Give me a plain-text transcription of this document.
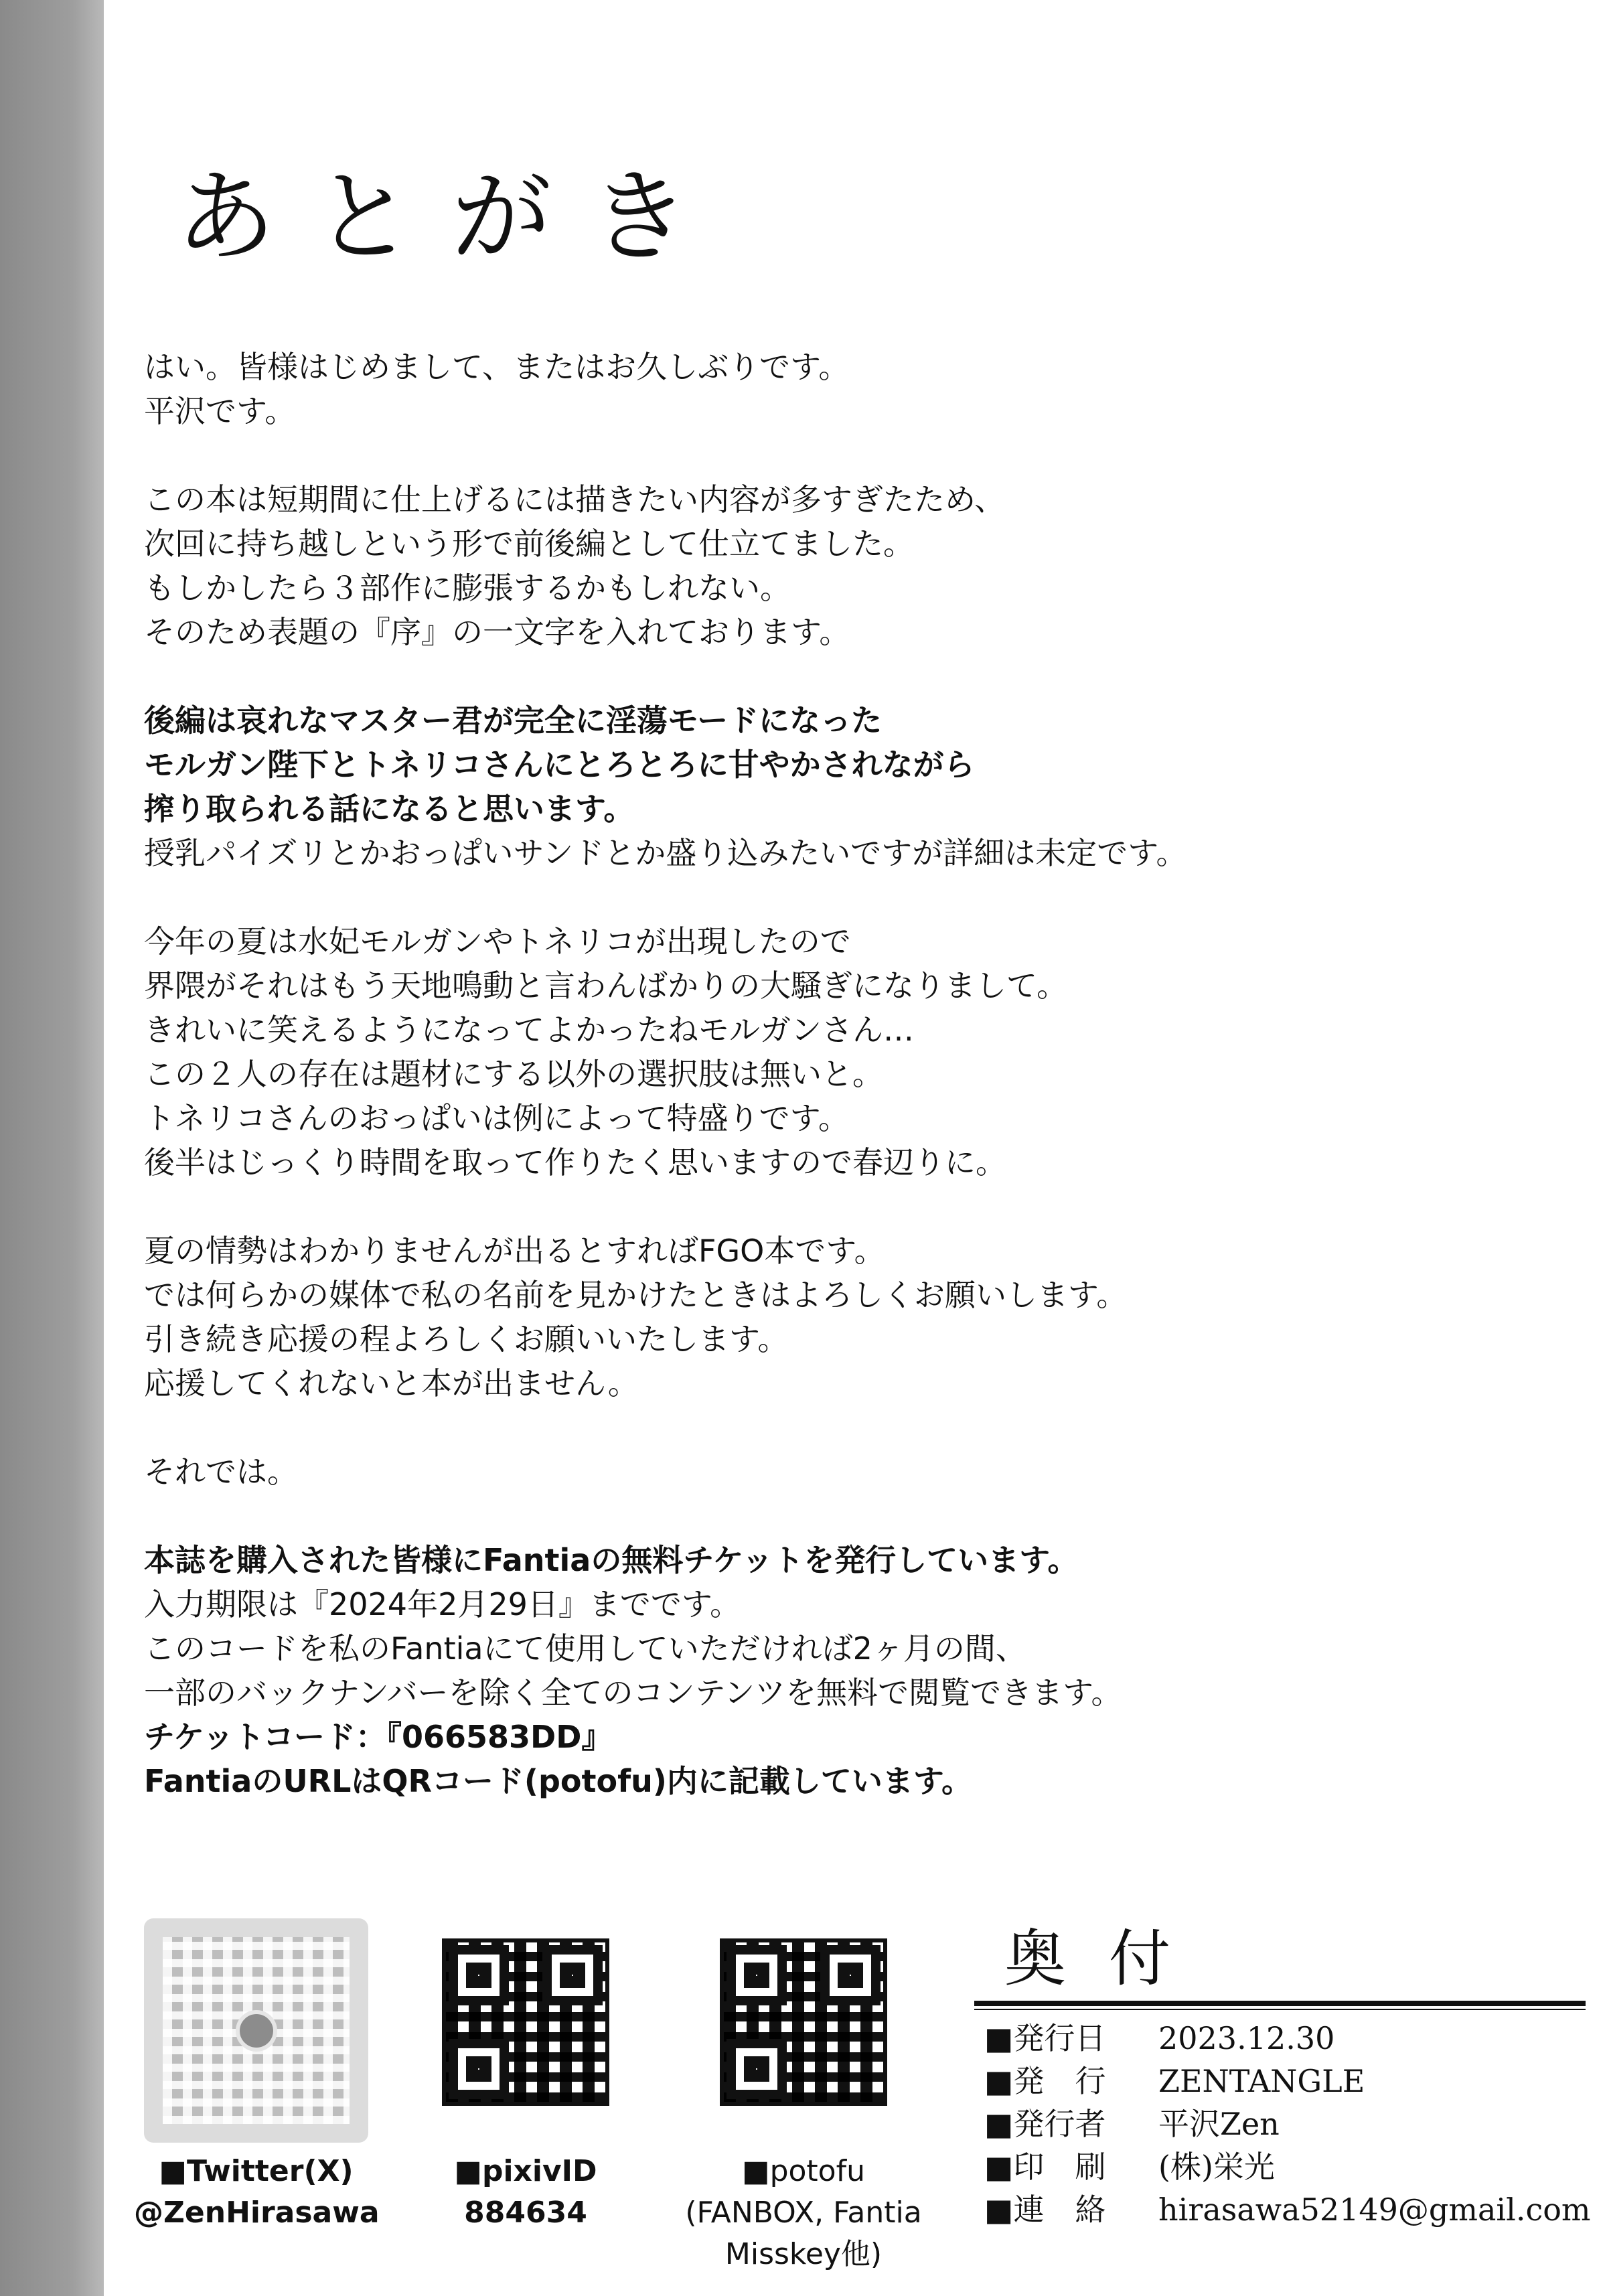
あとがき
はい。皆様はじめまして、またはお久しぶりです。
平沢です。
この本は短期間に仕上げるには描きたい内容が多すぎたため、
次回に持ち越しという形で前後編として仕立てました。
もしかしたら３部作に膨張するかもしれない。
そのため表題の『序』の一文字を入れております。
後編は哀れなマスター君が完全に淫蕩モードになった
モルガン陛下とトネリコさんにとろとろに甘やかされながら
搾り取られる話になると思います。
授乳パイズリとかおっぱいサンドとか盛り込みたいですが詳細は未定です。
今年の夏は水妃モルガンやトネリコが出現したので
界隈がそれはもう天地鳴動と言わんばかりの大騒ぎになりまして。
きれいに笑えるようになってよかったねモルガンさん…
この２人の存在は題材にする以外の選択肢は無いと。
トネリコさんのおっぱいは例によって特盛りです。
後半はじっくり時間を取って作りたく思いますので春辺りに。
夏の情勢はわかりませんが出るとすればFGO本です。
では何らかの媒体で私の名前を見かけたときはよろしくお願いします。
引き続き応援の程よろしくお願いいたします。
応援してくれないと本が出ません。
それでは。
本誌を購入された皆様にFantiaの無料チケットを発行しています。
入力期限は『2024年2月29日』までです。
このコードを私のFantiaにて使用していただければ2ヶ月の間、
一部のバックナンバーを除く全てのコンテンツを無料で閲覧できます。
チケットコード：『066583DD』
FantiaのURLはQRコード(potofu)内に記載しています。
■Twitter(X)
@ZenHirasawa
■pixivID
884634
■potofu
(FANBOX, Fantia
Misskey他)
奥付
■発行日	2023.12.30
■発　行	ZENTANGLE
■発行者	平沢Zen
■印　刷	(株)栄光
■連　絡	hirasawa52149@gmail.com
